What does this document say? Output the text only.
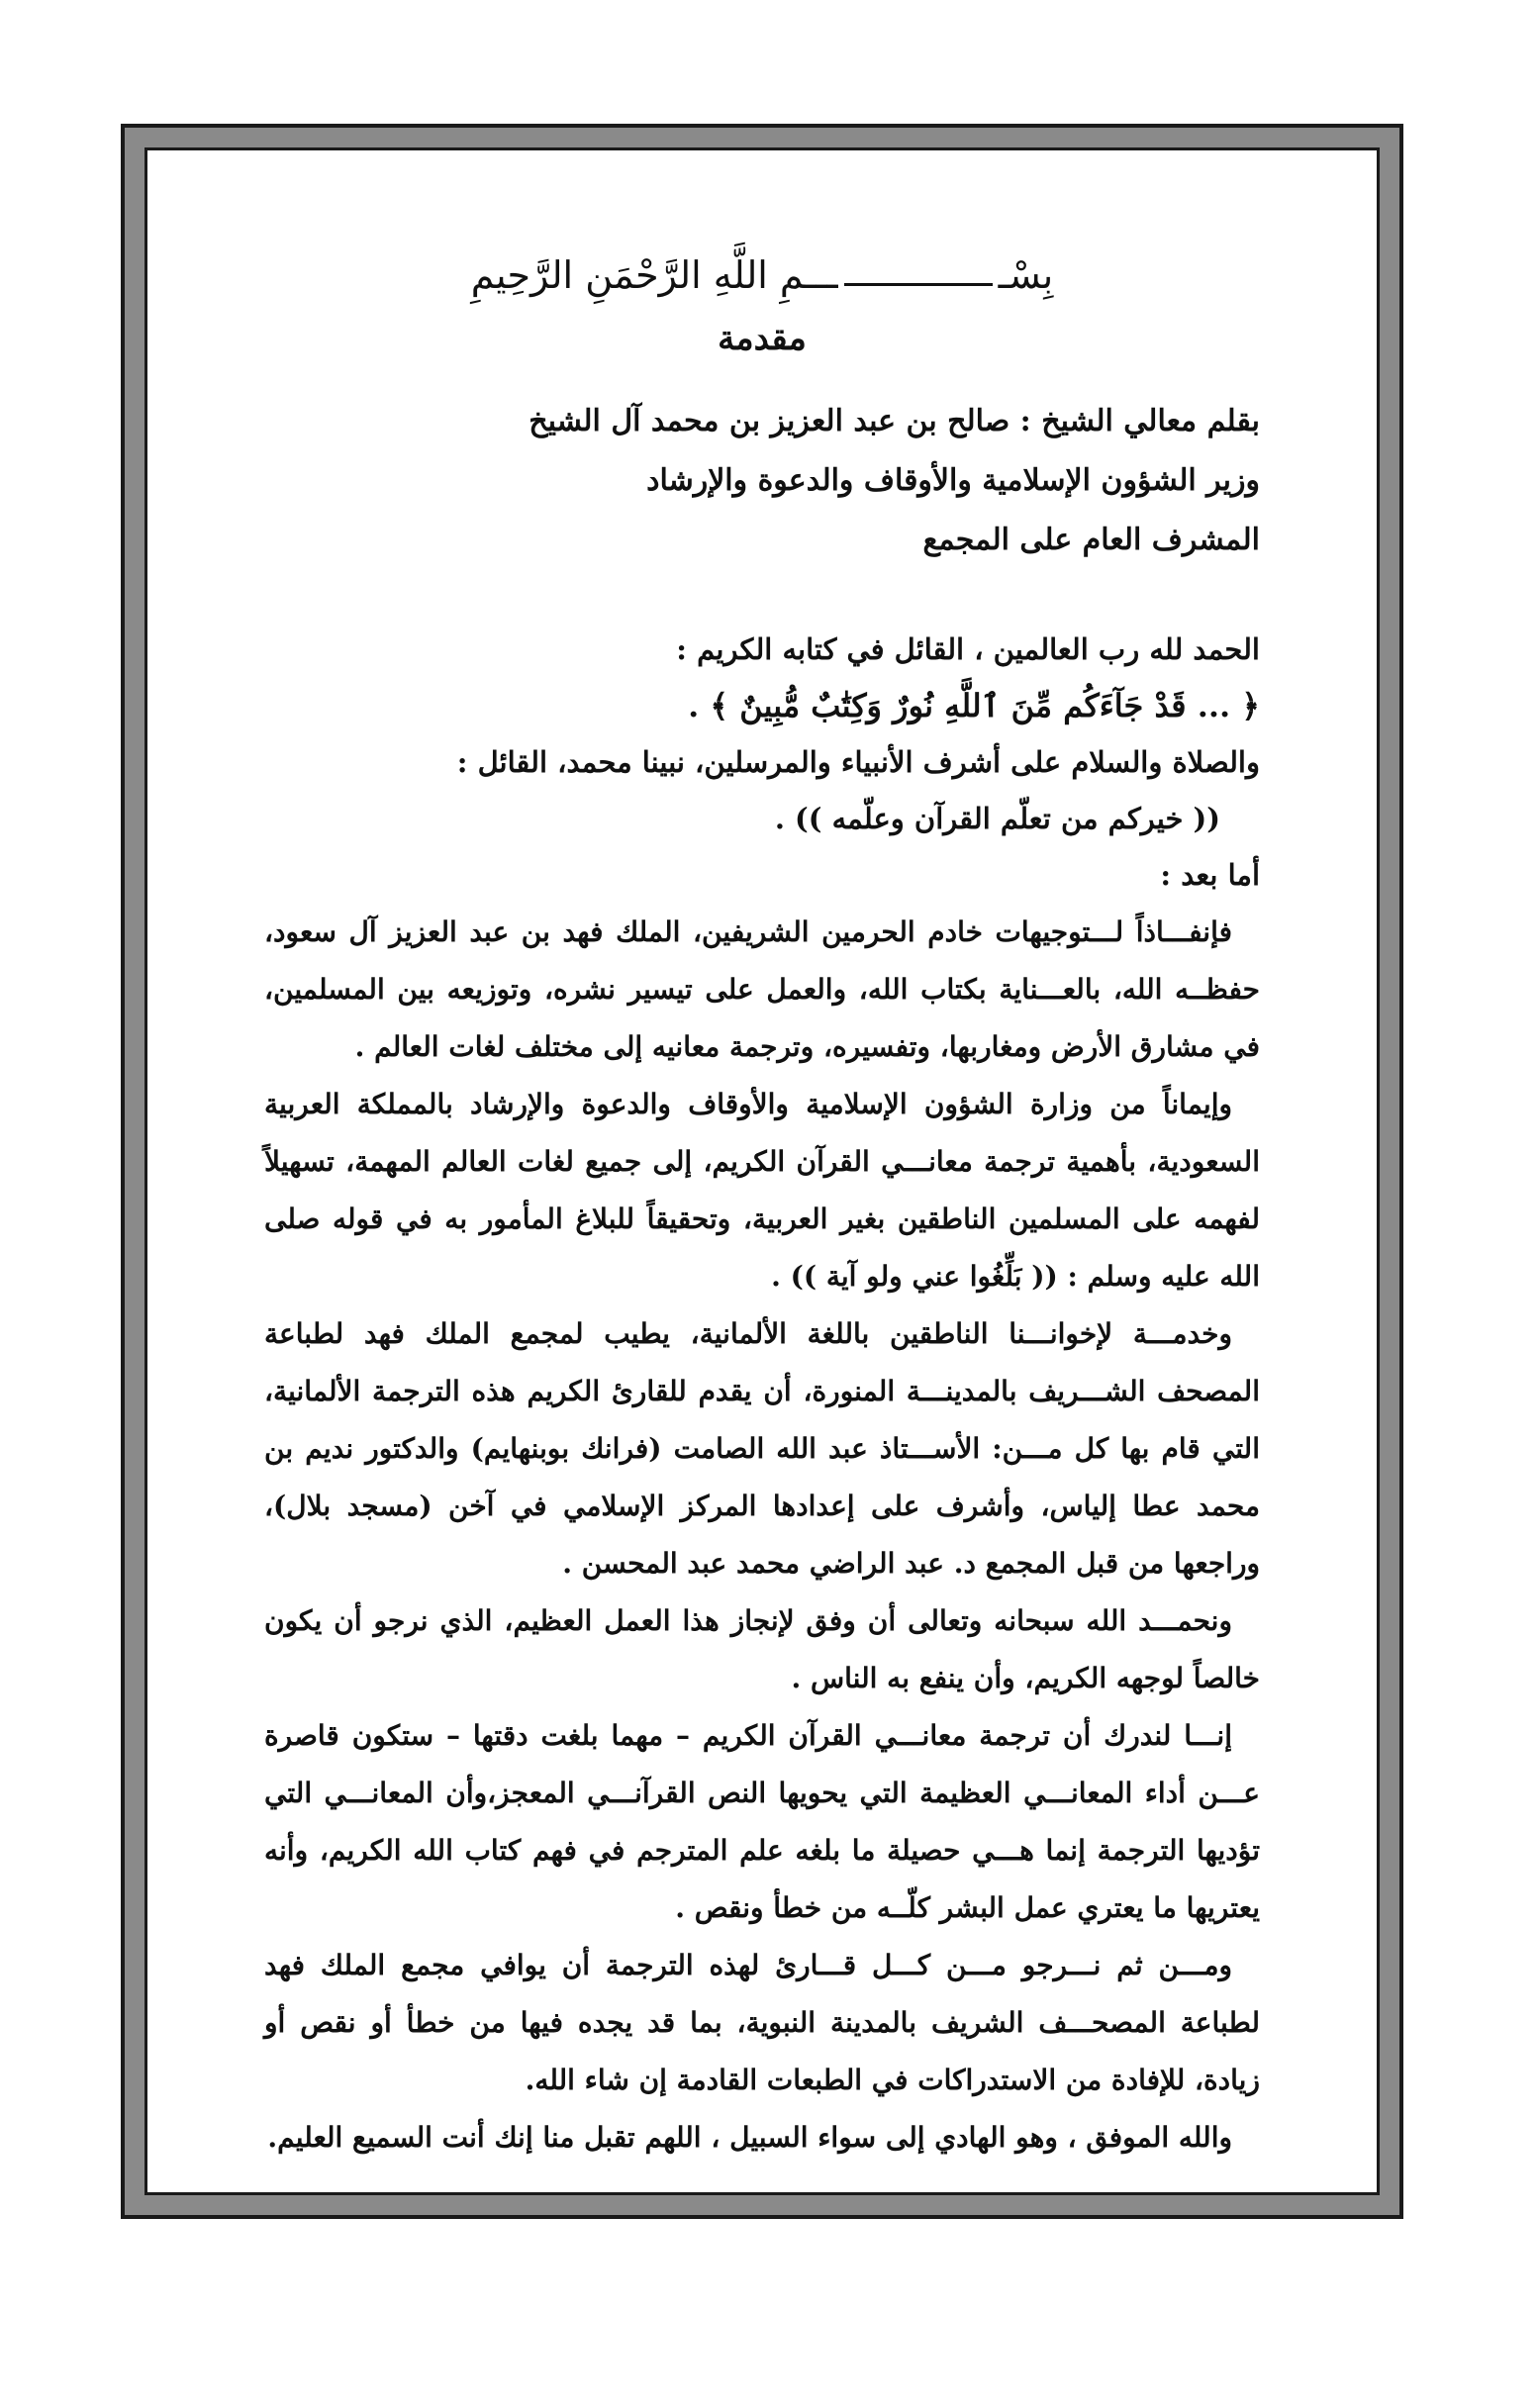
بِسْـ
ـــمِ اللَّهِ الرَّحْمَنِ الرَّحِيمِ
مقدمة
بقلم معالي الشيخ : صالح بن عبد العزيز بن محمد آل الشيخ
وزير الشؤون الإسلامية والأوقاف والدعوة والإرشاد
المشرف العام على المجمع
الحمد لله رب العالمين ، القائل في كتابه الكريم :
﴿ ... قَدْ جَآءَكُم مِّنَ ٱللَّهِ نُورٌ وَكِتَٰبٌ مُّبِينٌ ﴾ .
والصلاة والسلام على أشرف الأنبياء والمرسلين، نبينا محمد، القائل :
(( خيركم من تعلّم القرآن وعلّمه )) .
أما بعد :

فإنفـــاذاً لـــتوجيهات خادم الحرمين الشريفين، الملك فهد بن عبد العزيز آل سعود، حفظــه الله، بالعـــناية بكتاب الله، والعمل على تيسير نشره، وتوزيعه بين المسلمين، في مشارق الأرض ومغاربها، وتفسيره، وترجمة معانيه إلى مختلف لغات العالم .

وإيماناً من وزارة الشؤون الإسلامية والأوقاف والدعوة والإرشاد بالمملكة العربية السعودية، بأهمية ترجمة معانـــي القرآن الكريم، إلى جميع لغات العالم المهمة، تسهيلاً لفهمه على المسلمين الناطقين بغير العربية، وتحقيقاً للبلاغ المأمور به في قوله صلى الله عليه وسلم : (( بَلِّغُوا عني ولو آية )) .

وخدمـــة لإخوانـــنا الناطقين باللغة الألمانية، يطيب لمجمع الملك فهد لطباعة المصحف الشـــريف بالمدينـــة المنورة، أن يقدم للقارئ الكريم هذه الترجمة الألمانية، التي قام بها كل مـــن: الأســـتاذ عبد الله الصامت (فرانك بوبنهايم) والدكتور نديم بن محمد عطا إلياس، وأشرف على إعدادها المركز الإسلامي في آخن (مسجد بلال)، وراجعها من قبل المجمع د. عبد الراضي محمد عبد المحسن .

ونحمـــد الله سبحانه وتعالى أن وفق لإنجاز هذا العمل العظيم، الذي نرجو أن يكون خالصاً لوجهه الكريم، وأن ينفع به الناس .

إنـــا لندرك أن ترجمة معانـــي القرآن الكريم – مهما بلغت دقتها – ستكون قاصرة عـــن أداء المعانـــي العظيمة التي يحويها النص القرآنـــي المعجز،وأن المعانـــي التي تؤديها الترجمة إنما هـــي حصيلة ما بلغه علم المترجم في فهم كتاب الله الكريم، وأنه يعتريها ما يعتري عمل البشر كلّــه من خطأ ونقص .

ومـــن ثم نـــرجو مـــن كـــل قـــارئ لهذه الترجمة أن يوافي مجمع الملك فهد لطباعة المصحـــف الشريف بالمدينة النبوية، بما قد يجده فيها من خطأ أو نقص أو زيادة، للإفادة من الاستدراكات في الطبعات القادمة إن شاء الله.

والله الموفق ، وهو الهادي إلى سواء السبيل ، اللهم تقبل منا إنك أنت السميع العليم.
